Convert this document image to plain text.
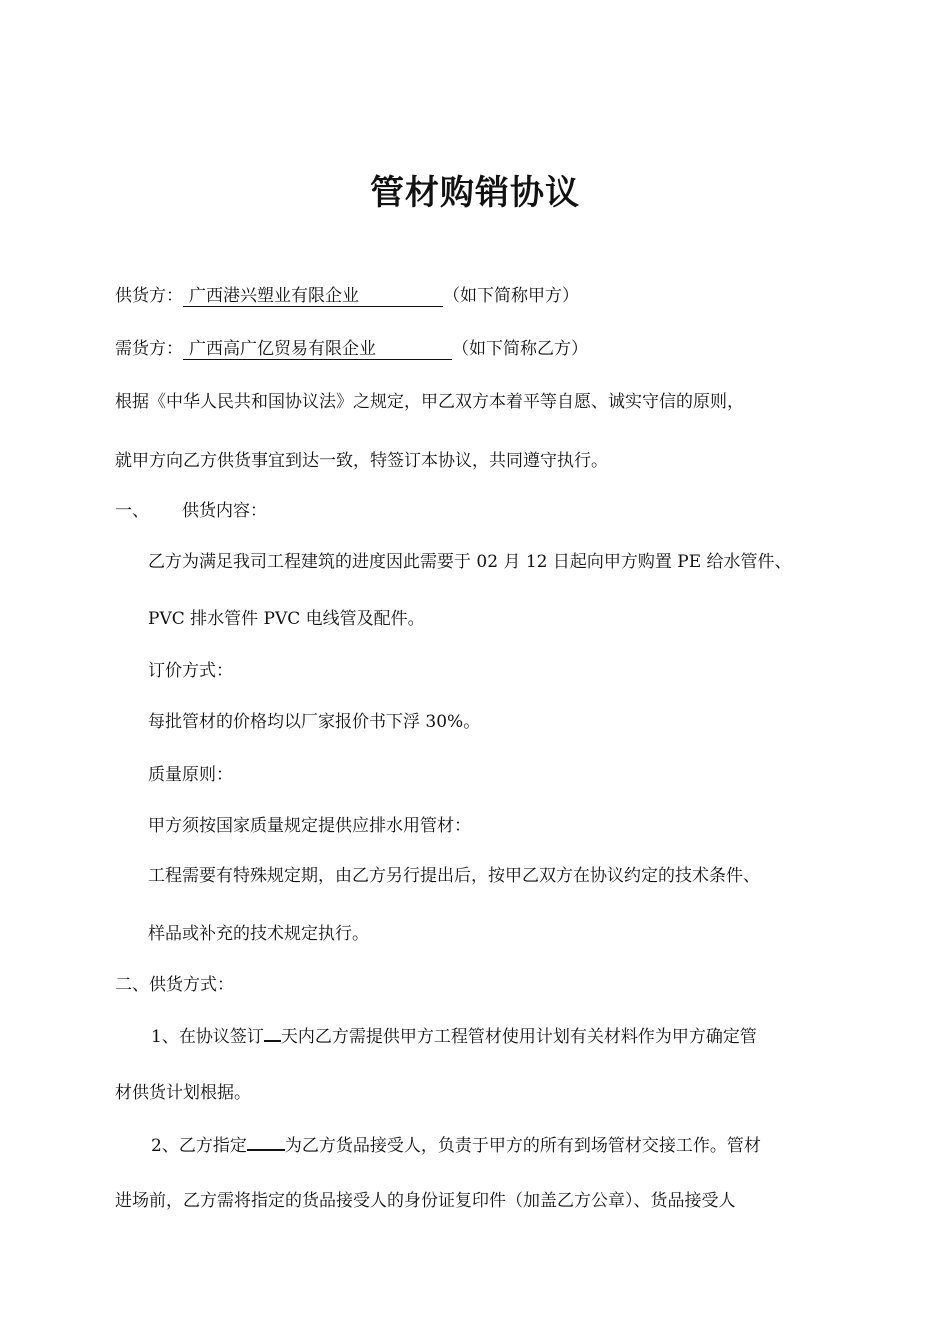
管材购销协议
供货方： 广西港兴塑业有限企业	（如下简称甲方）
需货方： 广西高广亿贸易有限企业	（如下简称乙方）
根据《中华人民共和国协议法》之规定，甲乙双方本着平等自愿、诚实守信的原则，
就甲方向乙方供货事宜到达一致，特签订本协议，共同遵守执行。
一、 供货内容：
乙方为满足我司工程建筑的进度因此需要于 02 月 12 日起向甲方购置 PE 给水管件、
PVC 排水管件 PVC 电线管及配件。
订价方式：
每批管材的价格均以厂家报价书下浮 30%。
质量原则：
甲方须按国家质量规定提供应排水用管材：
工程需要有特殊规定期，由乙方另行提出后，按甲乙双方在协议约定的技术条件、
样品或补充的技术规定执行。
二、供货方式：
1、在协议签订 天内乙方需提供甲方工程管材使用计划有关材料作为甲方确定管
材供货计划根据。
2、乙方指定 为乙方货品接受人，负责于甲方的所有到场管材交接工作。管材
进场前，乙方需将指定的货品接受人的身份证复印件（加盖乙方公章）、货品接受人
